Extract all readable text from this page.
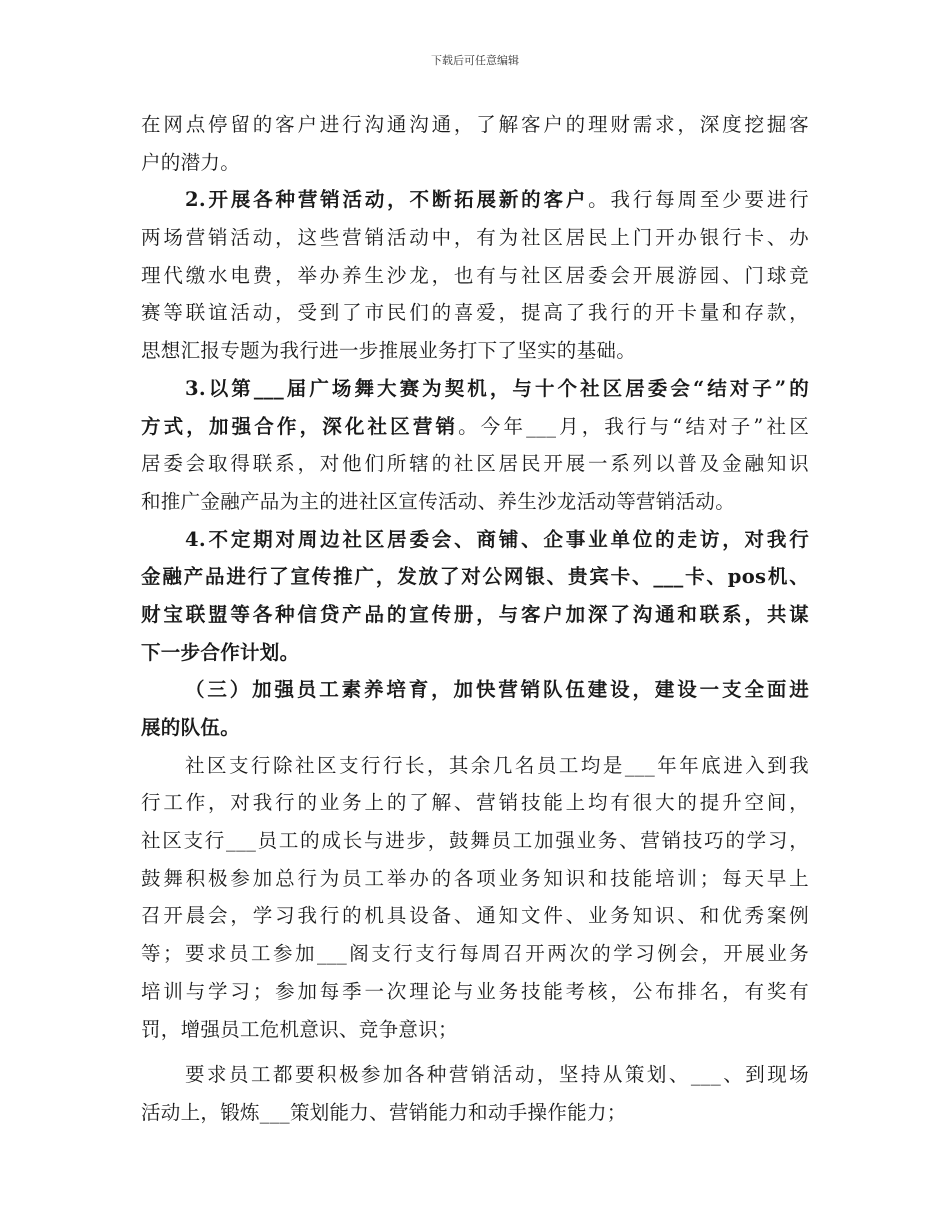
下载后可任意编辑
在网点停留的客户进行沟通沟通，了解客户的理财需求，深度挖掘客
户的潜力。
2.开展各种营销活动，不断拓展新的客户。我行每周至少要进行
两场营销活动，这些营销活动中，有为社区居民上门开办银行卡、办
理代缴水电费，举办养生沙龙，也有与社区居委会开展游园、门球竞
赛等联谊活动，受到了市民们的喜爱，提高了我行的开卡量和存款，
思想汇报专题为我行进一步推展业务打下了坚实的基础。
3.以第___届广场舞大赛为契机，与十个社区居委会“结对子”的
方式，加强合作，深化社区营销。今年___月，我行与“结对子”社区
居委会取得联系，对他们所辖的社区居民开展一系列以普及金融知识
和推广金融产品为主的进社区宣传活动、养生沙龙活动等营销活动。
4.不定期对周边社区居委会、商铺、企事业单位的走访，对我行
金融产品进行了宣传推广，发放了对公网银、贵宾卡、___卡、pos机、
财宝联盟等各种信贷产品的宣传册，与客户加深了沟通和联系，共谋
下一步合作计划。
（三）加强员工素养培育，加快营销队伍建设，建设一支全面进
展的队伍。
社区支行除社区支行行长，其余几名员工均是___年年底进入到我
行工作，对我行的业务上的了解、营销技能上均有很大的提升空间，
社区支行___员工的成长与进步，鼓舞员工加强业务、营销技巧的学习，
鼓舞积极参加总行为员工举办的各项业务知识和技能培训；每天早上
召开晨会，学习我行的机具设备、通知文件、业务知识、和优秀案例
等；要求员工参加___阁支行支行每周召开两次的学习例会，开展业务
培训与学习；参加每季一次理论与业务技能考核，公布排名，有奖有
罚，增强员工危机意识、竞争意识；
要求员工都要积极参加各种营销活动，坚持从策划、___、到现场
活动上，锻炼___策划能力、营销能力和动手操作能力；
